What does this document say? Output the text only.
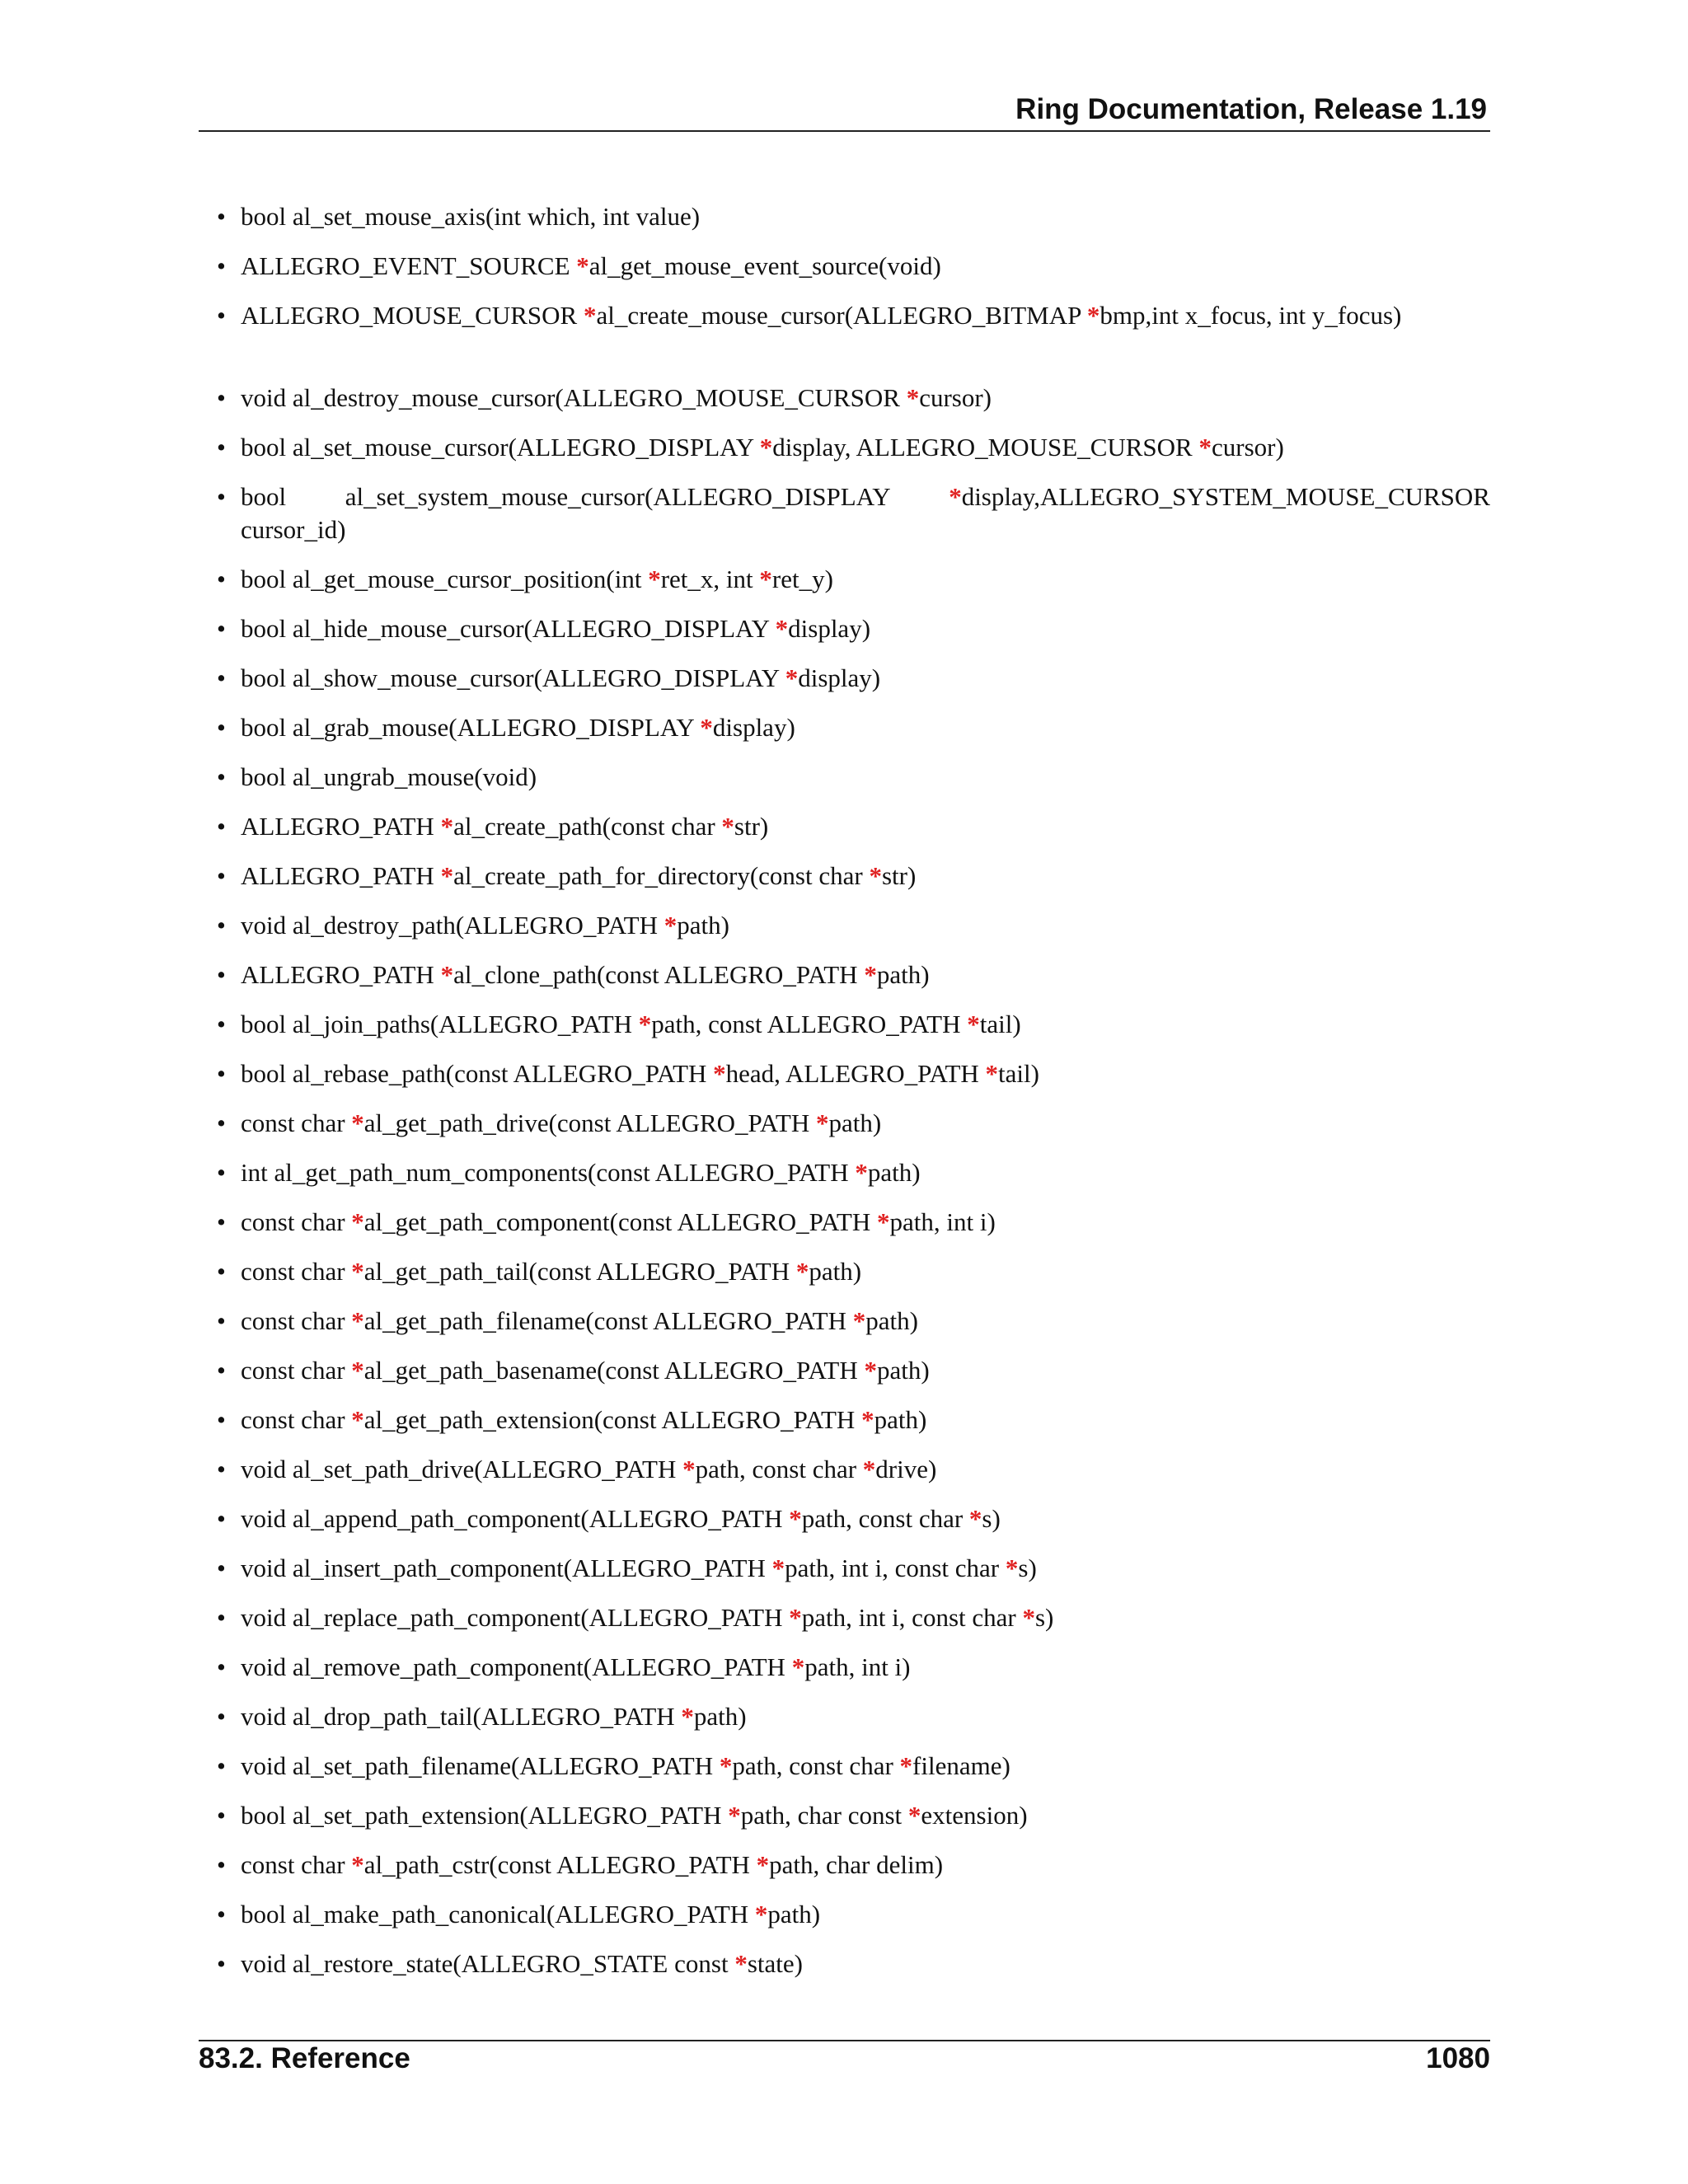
Ring Documentation, Release 1.19
• bool al_set_mouse_axis(int which, int value)
• ALLEGRO_EVENT_SOURCE *al_get_mouse_event_source(void)
• ALLEGRO_MOUSE_CURSOR *al_create_mouse_cursor(ALLEGRO_BITMAP *bmp,int x_focus, int y_focus)
• void al_destroy_mouse_cursor(ALLEGRO_MOUSE_CURSOR *cursor)
• bool al_set_mouse_cursor(ALLEGRO_DISPLAY *display, ALLEGRO_MOUSE_CURSOR *cursor)
• bool al_set_system_mouse_cursor(ALLEGRO_DISPLAY *display,ALLEGRO_SYSTEM_MOUSE_CURSOR cursor_id)
• bool al_get_mouse_cursor_position(int *ret_x, int *ret_y)
• bool al_hide_mouse_cursor(ALLEGRO_DISPLAY *display)
• bool al_show_mouse_cursor(ALLEGRO_DISPLAY *display)
• bool al_grab_mouse(ALLEGRO_DISPLAY *display)
• bool al_ungrab_mouse(void)
• ALLEGRO_PATH *al_create_path(const char *str)
• ALLEGRO_PATH *al_create_path_for_directory(const char *str)
• void al_destroy_path(ALLEGRO_PATH *path)
• ALLEGRO_PATH *al_clone_path(const ALLEGRO_PATH *path)
• bool al_join_paths(ALLEGRO_PATH *path, const ALLEGRO_PATH *tail)
• bool al_rebase_path(const ALLEGRO_PATH *head, ALLEGRO_PATH *tail)
• const char *al_get_path_drive(const ALLEGRO_PATH *path)
• int al_get_path_num_components(const ALLEGRO_PATH *path)
• const char *al_get_path_component(const ALLEGRO_PATH *path, int i)
• const char *al_get_path_tail(const ALLEGRO_PATH *path)
• const char *al_get_path_filename(const ALLEGRO_PATH *path)
• const char *al_get_path_basename(const ALLEGRO_PATH *path)
• const char *al_get_path_extension(const ALLEGRO_PATH *path)
• void al_set_path_drive(ALLEGRO_PATH *path, const char *drive)
• void al_append_path_component(ALLEGRO_PATH *path, const char *s)
• void al_insert_path_component(ALLEGRO_PATH *path, int i, const char *s)
• void al_replace_path_component(ALLEGRO_PATH *path, int i, const char *s)
• void al_remove_path_component(ALLEGRO_PATH *path, int i)
• void al_drop_path_tail(ALLEGRO_PATH *path)
• void al_set_path_filename(ALLEGRO_PATH *path, const char *filename)
• bool al_set_path_extension(ALLEGRO_PATH *path, char const *extension)
• const char *al_path_cstr(const ALLEGRO_PATH *path, char delim)
• bool al_make_path_canonical(ALLEGRO_PATH *path)
• void al_restore_state(ALLEGRO_STATE const *state)
83.2. Reference	1080
